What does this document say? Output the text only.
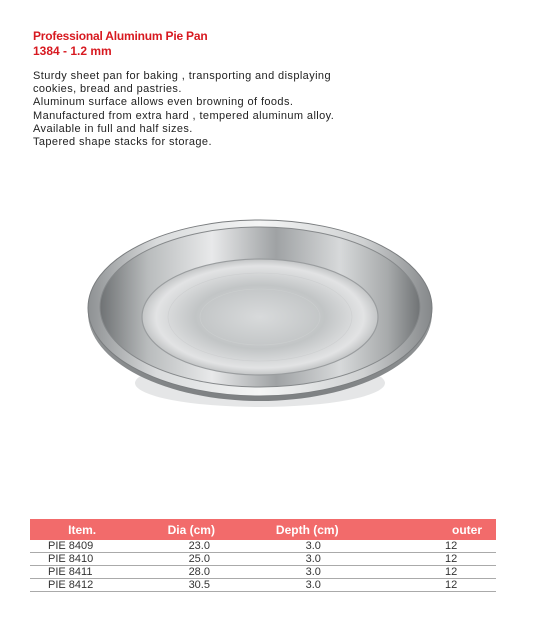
Professional Aluminum Pie Pan
1384 - 1.2 mm
Sturdy sheet pan for baking , transporting and displaying
cookies, bread and pastries.
Aluminum surface allows even browning of foods.
Manufactured from extra hard , tempered aluminum alloy.
Available in full and half sizes.
Tapered shape stacks for storage.
Item.	Dia (cm)	Depth (cm)	outer
PIE 8409	23.0	3.0	12
PIE 8410	25.0	3.0	12
PIE 8411	28.0	3.0	12
PIE 8412	30.5	3.0	12
